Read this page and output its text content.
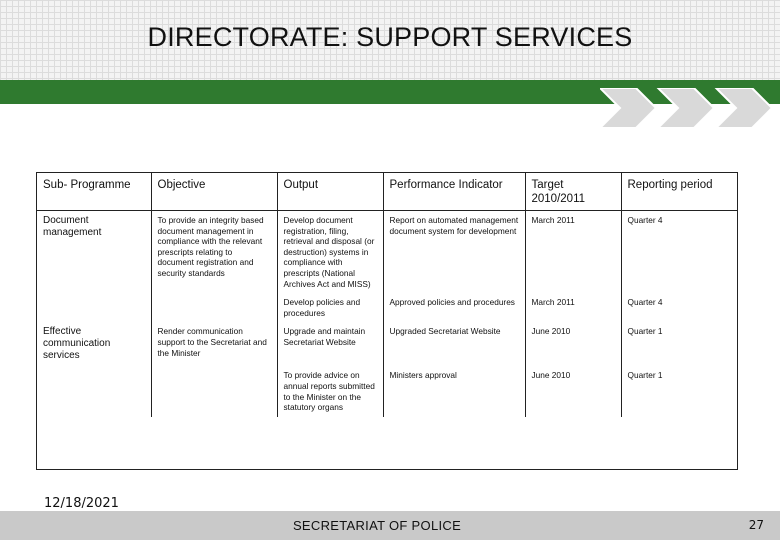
DIRECTORATE: SUPPORT SERVICES
Sub- Programme	Objective	Output	Performance Indicator	Target 2010/2011	Reporting period
Document management	To provide an integrity based document management in compliance with the relevant prescripts relating to document registration and security standards	Develop document registration, filing, retrieval and disposal (or destruction) systems in compliance with prescripts (National Archives Act and MISS)	Report on automated management document system for development	March 2011	Quarter 4
		Develop policies and procedures	Approved policies and procedures	March 2011	Quarter 4
Effective communication services	Render communication support to the Secretariat and the Minister	Upgrade and maintain Secretariat Website	Upgraded Secretariat Website	June 2010	Quarter 1
		To provide advice on annual reports submitted to the Minister on the statutory organs	Ministers approval	June 2010	Quarter 1
12/18/2021
SECRETARIAT OF POLICE	27
